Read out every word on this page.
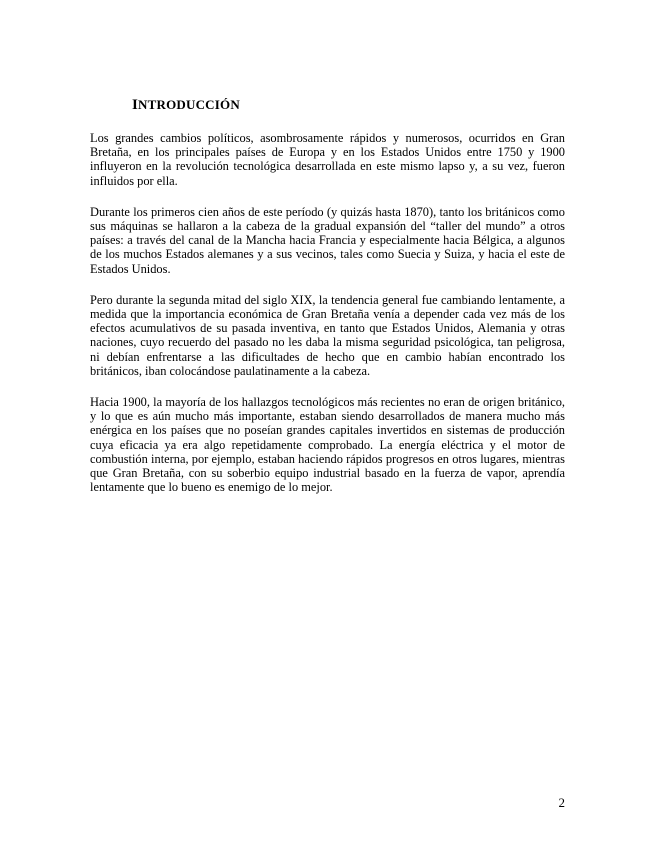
INTRODUCCIÓN

Los grandes cambios políticos, asombrosamente rápidos y numerosos, ocurridos en Gran Bretaña, en los principales países de Europa y en los Estados Unidos entre 1750 y 1900 influyeron en la revolución tecnológica desarrollada en este mismo lapso y, a su vez, fueron influidos por ella.

Durante los primeros cien años de este período (y quizás hasta 1870), tanto los británicos como sus máquinas se hallaron a la cabeza de la gradual expansión del “taller del mundo” a otros países: a través del canal de la Mancha hacia Francia y especialmente hacia Bélgica, a algunos de los muchos Estados alemanes y a sus vecinos, tales como Suecia y Suiza, y hacia el este de Estados Unidos.

Pero durante la segunda mitad del siglo XIX, la tendencia general fue cambiando lentamente, a medida que la importancia económica de Gran Bretaña venía a depender cada vez más de los efectos acumulativos de su pasada inventiva, en tanto que Estados Unidos, Alemania y otras naciones, cuyo recuerdo del pasado no les daba la misma seguridad psicológica, tan peligrosa, ni debían enfrentarse a las dificultades de hecho que en cambio habían encontrado los británicos, iban colocándose paulatinamente a la cabeza.

Hacia 1900, la mayoría de los hallazgos tecnológicos más recientes no eran de origen británico, y lo que es aún mucho más importante, estaban siendo desarrollados de manera mucho más enérgica en los países que no poseían grandes capitales invertidos en sistemas de producción cuya eficacia ya era algo repetidamente comprobado. La energía eléctrica y el motor de combustión interna, por ejemplo, estaban haciendo rápidos progresos en otros lugares, mientras que Gran Bretaña, con su soberbio equipo industrial basado en la fuerza de vapor, aprendía lentamente que lo bueno es enemigo de lo mejor.

2
